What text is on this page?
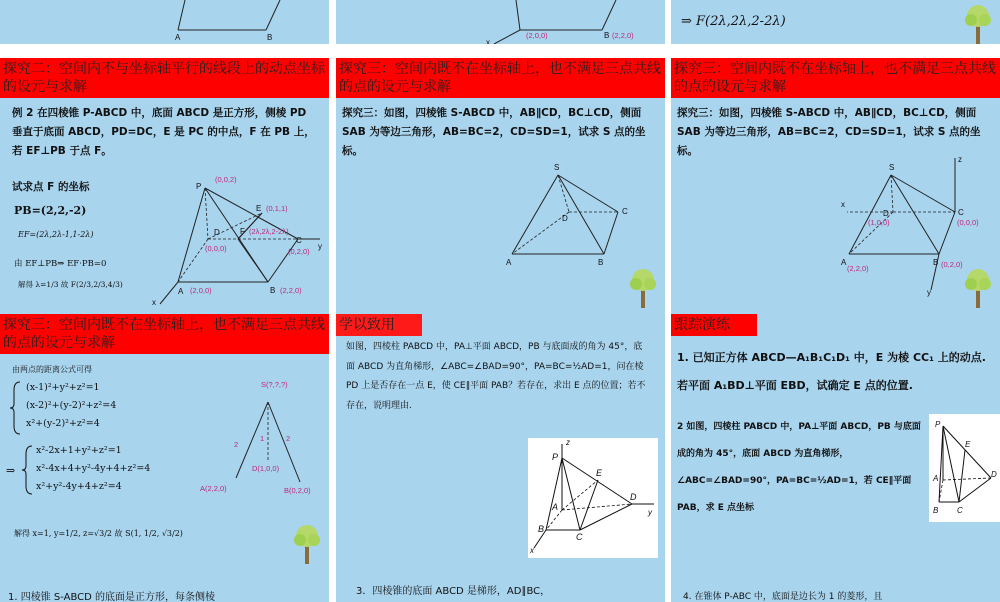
A	B	(2,0,0)	B (2,2,0)
x
⇒ F(2λ,2λ,2-2λ)
探究二：空间内不与坐标轴平行的线段上的动点坐标的设元与求解
例 2 在四棱锥 P-ABCD 中，底面 ABCD 是正方形，侧棱 PD 垂直于底面 ABCD，PD=DC，E 是 PC 的中点，F 在 PB 上，若 EF⊥PB 于点 F。
试求点 F 的坐标
PB=(2,2,-2)
EF=(2λ,2λ-1,1-2λ)
由 EF⊥PB⇒ EF·PB=0
解得 λ=1/3 故 F(2/3,2/3,4/3)
P
(0,0,2)
E (0,1,1)
F (2λ,2λ,2-2λ)
D
(0,0,0)
C
(0,2,0)
y
A (2,0,0)	B (2,2,0)
x
探究三：空间内既不在坐标轴上，也不满足三点共线的点的设元与求解
探究三：如图，四棱锥 S-ABCD 中，AB∥CD，BC⊥CD，侧面 SAB 为等边三角形，AB=BC=2，CD=SD=1，试求 S 点的坐标。
S
D
C
A	B
探究三：空间内既不在坐标轴上，也不满足三点共线的点的设元与求解
探究三：如图，四棱锥 S-ABCD 中，AB∥CD，BC⊥CD，侧面 SAB 为等边三角形，AB=BC=2，CD=SD=1，试求 S 点的坐标。
S
z
x
D
(1,0,0)
C
(0,0,0)
A
(2,2,0)
B (0,2,0)
y
探究三：空间内既不在坐标轴上，也不满足三点共线的点的设元与求解
由两点的距离公式可得
(x-1)²+y²+z²=1
(x-2)²+(y-2)²+z²=4
x²+(y-2)²+z²=4
⇒
x²-2x+1+y²+z²=1
x²-4x+4+y²-4y+4+z²=4
x²+y²-4y+4+z²=4
解得 x=1, y=1/2, z=√3/2 故 S(1, 1/2, √3/2)
S(?,?,?)
2
1	2
D(1,0,0)
A(2,2,0)	B(0,2,0)
学以致用
如图，四棱柱 PABCD 中，PA⊥平面 ABCD，PB 与底面成的角为 45°，底面 ABCD 为直角梯形，∠ABC=∠BAD=90°，PA=BC=½AD=1，问在棱 PD 上是否存在一点 E，使 CE∥平面 PAB？若存在，求出 E 点的位置；若不存在，说明理由.
z
P
E
A
D
y
B
C
x
跟踪演练
1. 已知正方体 ABCD—A₁B₁C₁D₁ 中，E 为棱 CC₁ 上的动点. 若平面 A₁BD⊥平面 EBD，试确定 E 点的位置.
2 如图，四棱柱 PABCD 中，PA⊥平面 ABCD，PB 与底面成的角为 45°，底面 ABCD 为直角梯形，∠ABC=∠BAD=90°，PA=BC=½AD=1，若 CE∥平面 PAB，求 E 点坐标
P
E
A	D
B C
1. 四棱锥 S-ABCD 的底面是正方形，每条侧棱
3．四棱锥的底面 ABCD 是梯形，AD∥BC，	4. 在锥体 P-ABC 中，底面是边长为 1 的菱形，且
